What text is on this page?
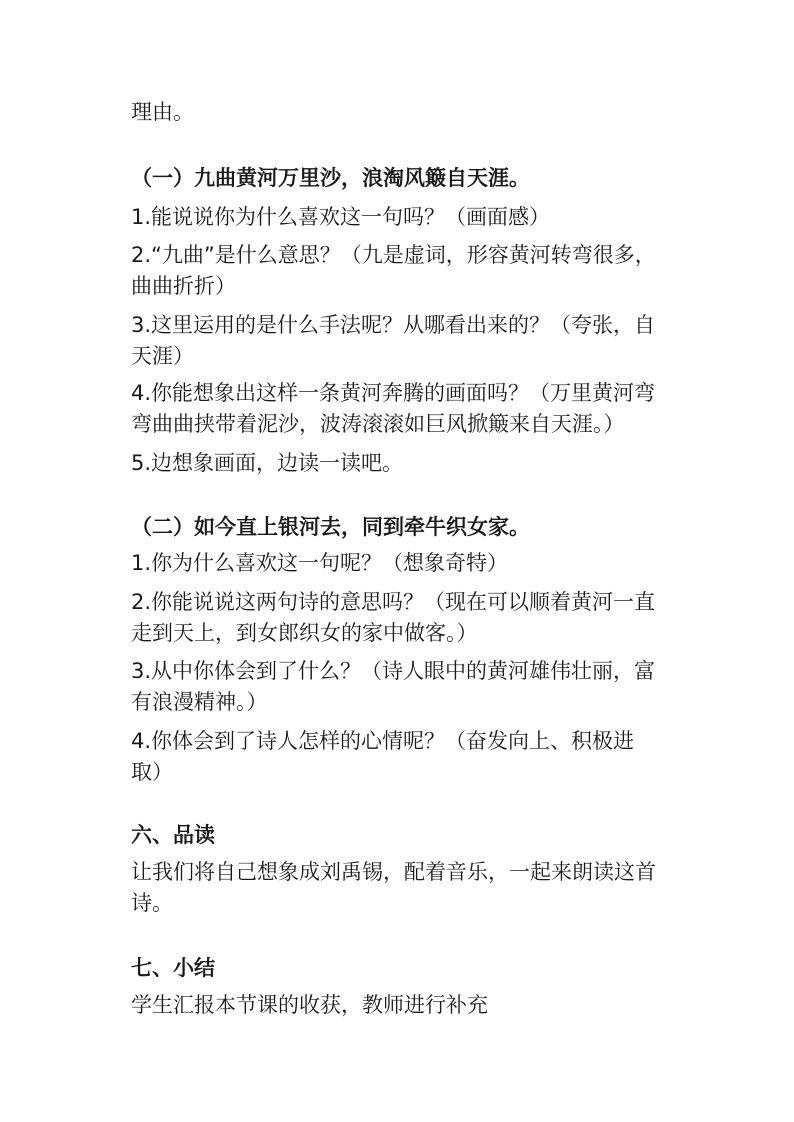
理由。

（一）九曲黄河万里沙，浪淘风簸自天涯。

1.能说说你为什么喜欢这一句吗？（画面感）

2.“九曲”是什么意思？（九是虚词，形容黄河转弯很多，

曲曲折折）

3.这里运用的是什么手法呢？从哪看出来的？（夸张，自

天涯）

4.你能想象出这样一条黄河奔腾的画面吗？（万里黄河弯

弯曲曲挟带着泥沙，波涛滚滚如巨风掀簸来自天涯。）

5.边想象画面，边读一读吧。

（二）如今直上银河去，同到牵牛织女家。

1.你为什么喜欢这一句呢？（想象奇特）

2.你能说说这两句诗的意思吗？（现在可以顺着黄河一直

走到天上，到女郎织女的家中做客。）

3.从中你体会到了什么？（诗人眼中的黄河雄伟壮丽，富

有浪漫精神。）

4.你体会到了诗人怎样的心情呢？（奋发向上、积极进

取）

六、品读

让我们将自己想象成刘禹锡，配着音乐，一起来朗读这首

诗。

七、小结

学生汇报本节课的收获，教师进行补充
